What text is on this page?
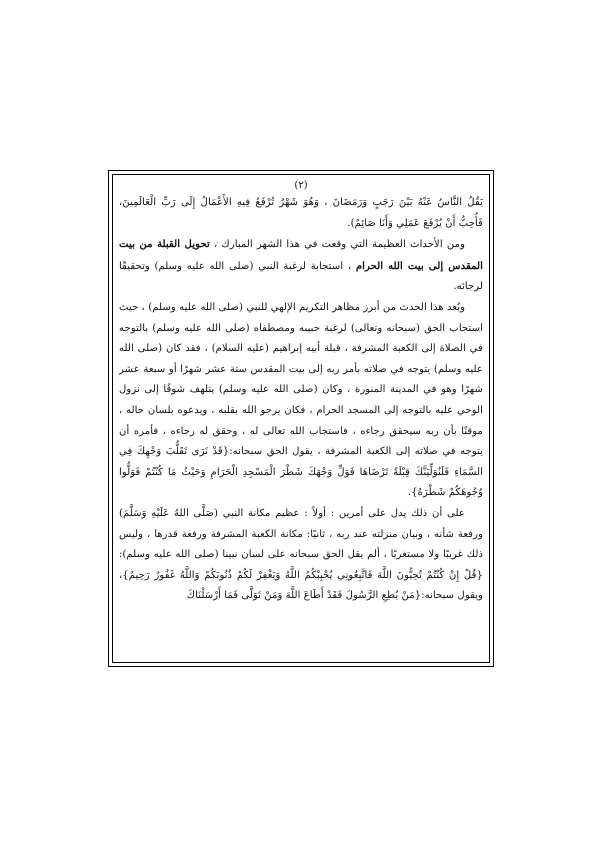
(٢)

يَقُلُ النَّاسُ عَنْهُ بَيْنَ رَجَبٍ وَرَمَضَانَ ، وَهُوَ شَهْرٌ تُرْفَعُ فِيهِ الأَعْمَالُ إِلَى رَبِّ الْعَالَمِينَ، فَأُحِبُّ أَنْ يُرْفَعَ عَمَلِي وَأَنَا صَائِمٌ).

ومن الأحداث العظيمة التي وقعت في هذا الشهر المبارك ، تحويل القبلة من بيت المقدس إلى بيت الله الحرام ، استجابة لرغبة النبي (صلى الله عليه وسلم) وتحقيقًا لرجائه.

وبُعد هذا الحدث من أبرز مظاهر التكريم الإلهي للنبي (صلى الله عليه وسلم) ، حيث استجاب الحق (سبحانه وتعالى) لرغبة حبيبه ومصطفاه (صلى الله عليه وسلم) بالتوجه في الصلاة إلى الكعبة المشرفة ، قبلة أبيه إبراهيم (عليه السلام) ، فقد كان (صلى الله عليه وسلم) يتوجه في صلاته بأمر ربه إلى بيت المقدس ستة عشر شهرًا أو سبعة عشر شهرًا وهو في المدينة المنورة ، وكان (صلى الله عليه وسلم) يتلهف شوقًا إلى نزول الوحي عليه بالتوجه إلى المسجد الحرام ، فكان يرجو الله بقلبه ، ويدعوه بلسان حاله ، موقنًا بأن ربه سيحقق رجاءه ، فاستجاب الله تعالى له ، وحقق له رجاءه ، فأمره أن يتوجه في صلاته إلى الكعبة المشرفة ، يقول الحق سبحانه:{قَدْ نَرَى تَقَلُّبَ وَجْهِكَ فِي السَّمَاءِ فَلَنُوَلِّيَنَّكَ قِبْلَةً تَرْضَاهَا فَوَلِّ وَجْهَكَ شَطْرَ الْمَسْجِدِ الْحَرَامِ وَحَيْثُ مَا كُنْتُمْ فَوَلُّوا وُجُوهَكُمْ شَطْرَهُ}.

على أن ذلك يدل على أمرين : أولاً : عظيم مكانة النبي (صَلَّى اللهُ عَلَيْهِ وَسَلَّمَ) ورفعة شأنه ، وبيان منزلته عند ربه ، ثانيًا: مكانة الكعبة المشرفة ورفعة قدرها ، وليس ذلك غريبًا ولا مستغربًا ، ألم يقل الحق سبحانه على لسان نبينا (صلى الله عليه وسلم): {قُلْ إِنْ كُنْتُمْ تُحِبُّونَ اللَّهَ فَاتَّبِعُونِي يُحْبِبْكُمُ اللَّهُ وَيَغْفِرْ لَكُمْ ذُنُوبَكُمْ وَاللَّهُ غَفُورٌ رَحِيمٌ}، ويقول سبحانه:{مَنْ يُطِعِ الرَّسُولَ فَقَدْ أَطَاعَ اللَّهَ وَمَنْ تَوَلَّى فَمَا أَرْسَلْنَاكَ
